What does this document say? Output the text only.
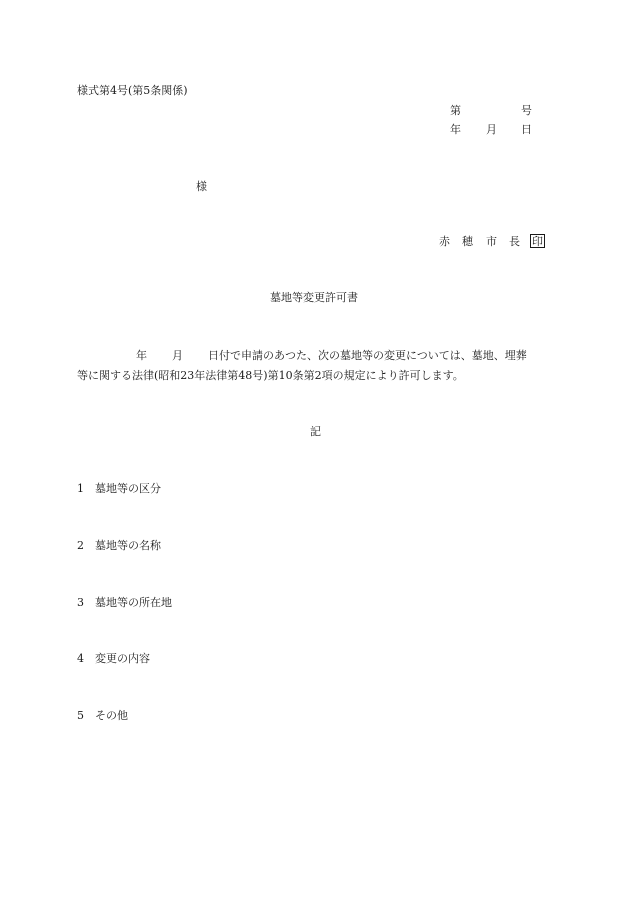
様式第4号(第5条関係)
第	号
年 月 日
様
赤 穂 市 長	印
墓地等変更許可書
年 月 日付で申請のあつた、次の墓地等の変更については、墓地、埋葬
等に関する法律(昭和23年法律第48号)第10条第2項の規定により許可します。
記
1 墓地等の区分
2 墓地等の名称
3 墓地等の所在地
4 変更の内容
5 その他
